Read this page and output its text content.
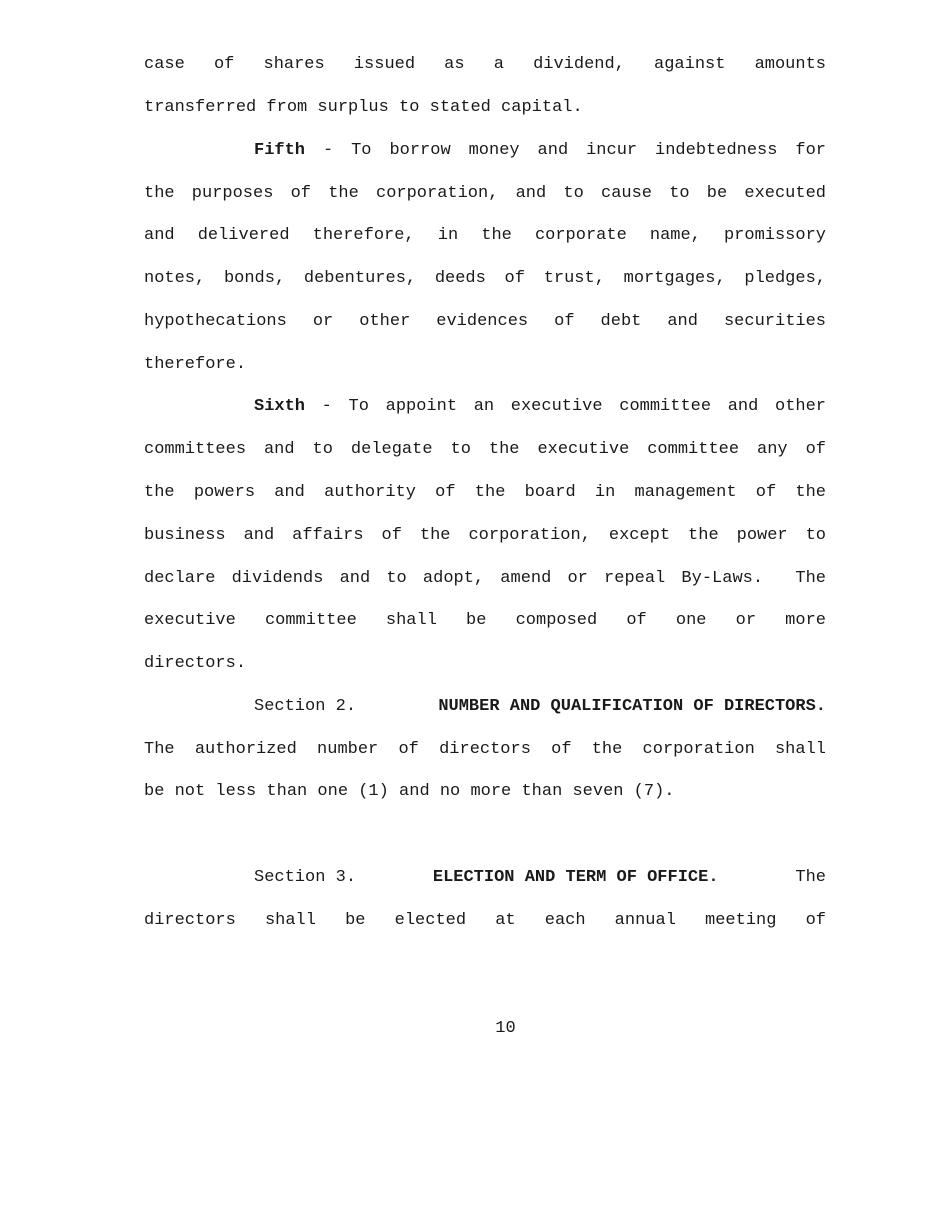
case of shares issued as a dividend, against amounts
transferred from surplus to stated capital.
Fifth - To borrow money and incur indebtedness for
the purposes of the corporation, and to cause to be executed
and delivered therefore, in the corporate name, promissory
notes, bonds, debentures, deeds of trust, mortgages, pledges,
hypothecations or other evidences of debt and securities
therefore.
Sixth - To appoint an executive committee and other
committees and to delegate to the executive committee any of
the powers and authority of the board in management of the
business and affairs of the corporation, except the power to
declare dividends and to adopt, amend or repeal By-Laws.  The
executive committee shall be composed of one or more
directors.
Section 2.	NUMBER AND QUALIFICATION OF DIRECTORS.
The authorized number of directors of the corporation shall
be not less than one (1) and no more than seven (7).
Section 3.	ELECTION AND TERM OF OFFICE.	The
directors shall be elected at each annual meeting of
10
